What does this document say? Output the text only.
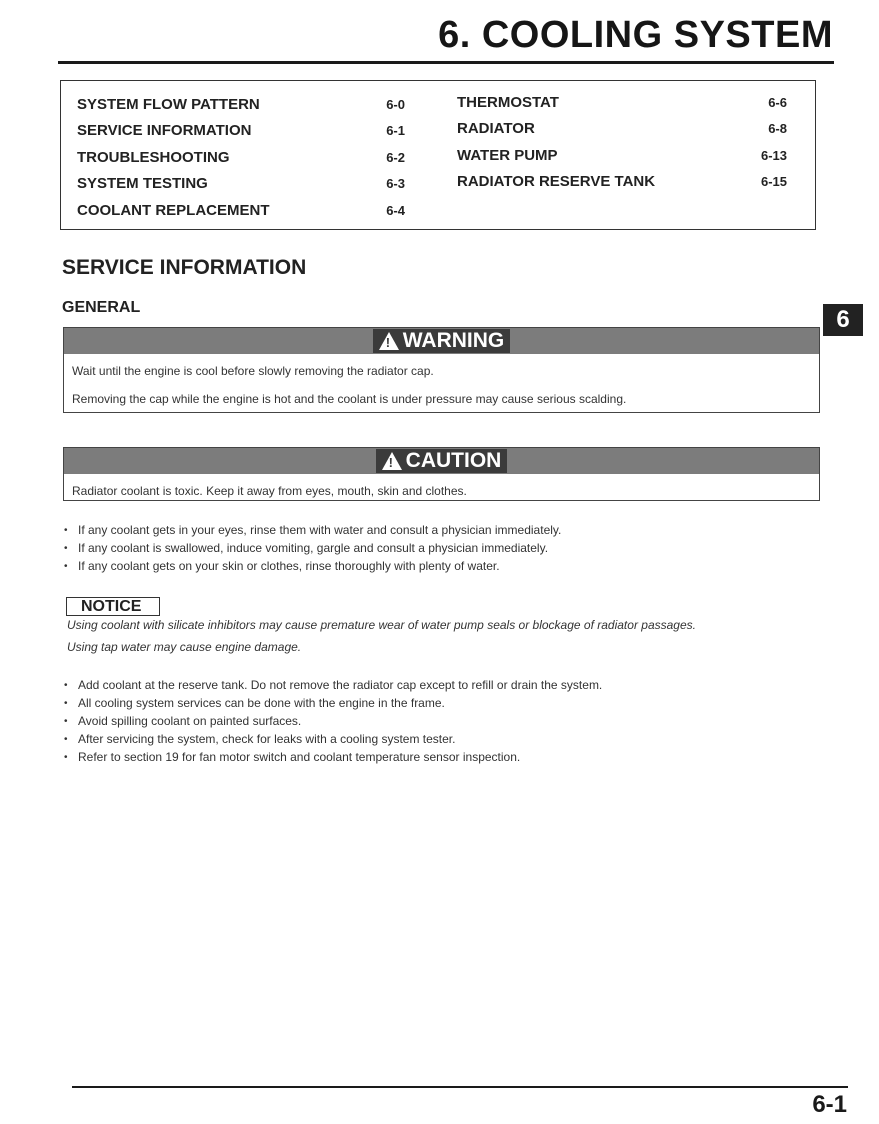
6. COOLING SYSTEM
SYSTEM FLOW PATTERN	6-0
SERVICE INFORMATION	6-1
TROUBLESHOOTING	6-2
SYSTEM TESTING	6-3
COOLANT REPLACEMENT	6-4
THERMOSTAT	6-6
RADIATOR	6-8
WATER PUMP	6-13
RADIATOR RESERVE TANK	6-15
SERVICE INFORMATION
GENERAL	6
!
WARNING
Wait until the engine is cool before slowly removing the radiator cap.
Removing the cap while the engine is hot and the coolant is under pressure may cause serious scalding.
!
CAUTION
Radiator coolant is toxic. Keep it away from eyes, mouth, skin and clothes.
• If any coolant gets in your eyes, rinse them with water and consult a physician immediately.
• If any coolant is swallowed, induce vomiting, gargle and consult a physician immediately.
• If any coolant gets on your skin or clothes, rinse thoroughly with plenty of water.
NOTICE

Using coolant with silicate inhibitors may cause premature wear of water pump seals or blockage of radiator passages.

Using tap water may cause engine damage.

• Add coolant at the reserve tank. Do not remove the radiator cap except to refill or drain the system.
• All cooling system services can be done with the engine in the frame.
• Avoid spilling coolant on painted surfaces.
• After servicing the system, check for leaks with a cooling system tester.
• Refer to section 19 for fan motor switch and coolant temperature sensor inspection.

6-1
